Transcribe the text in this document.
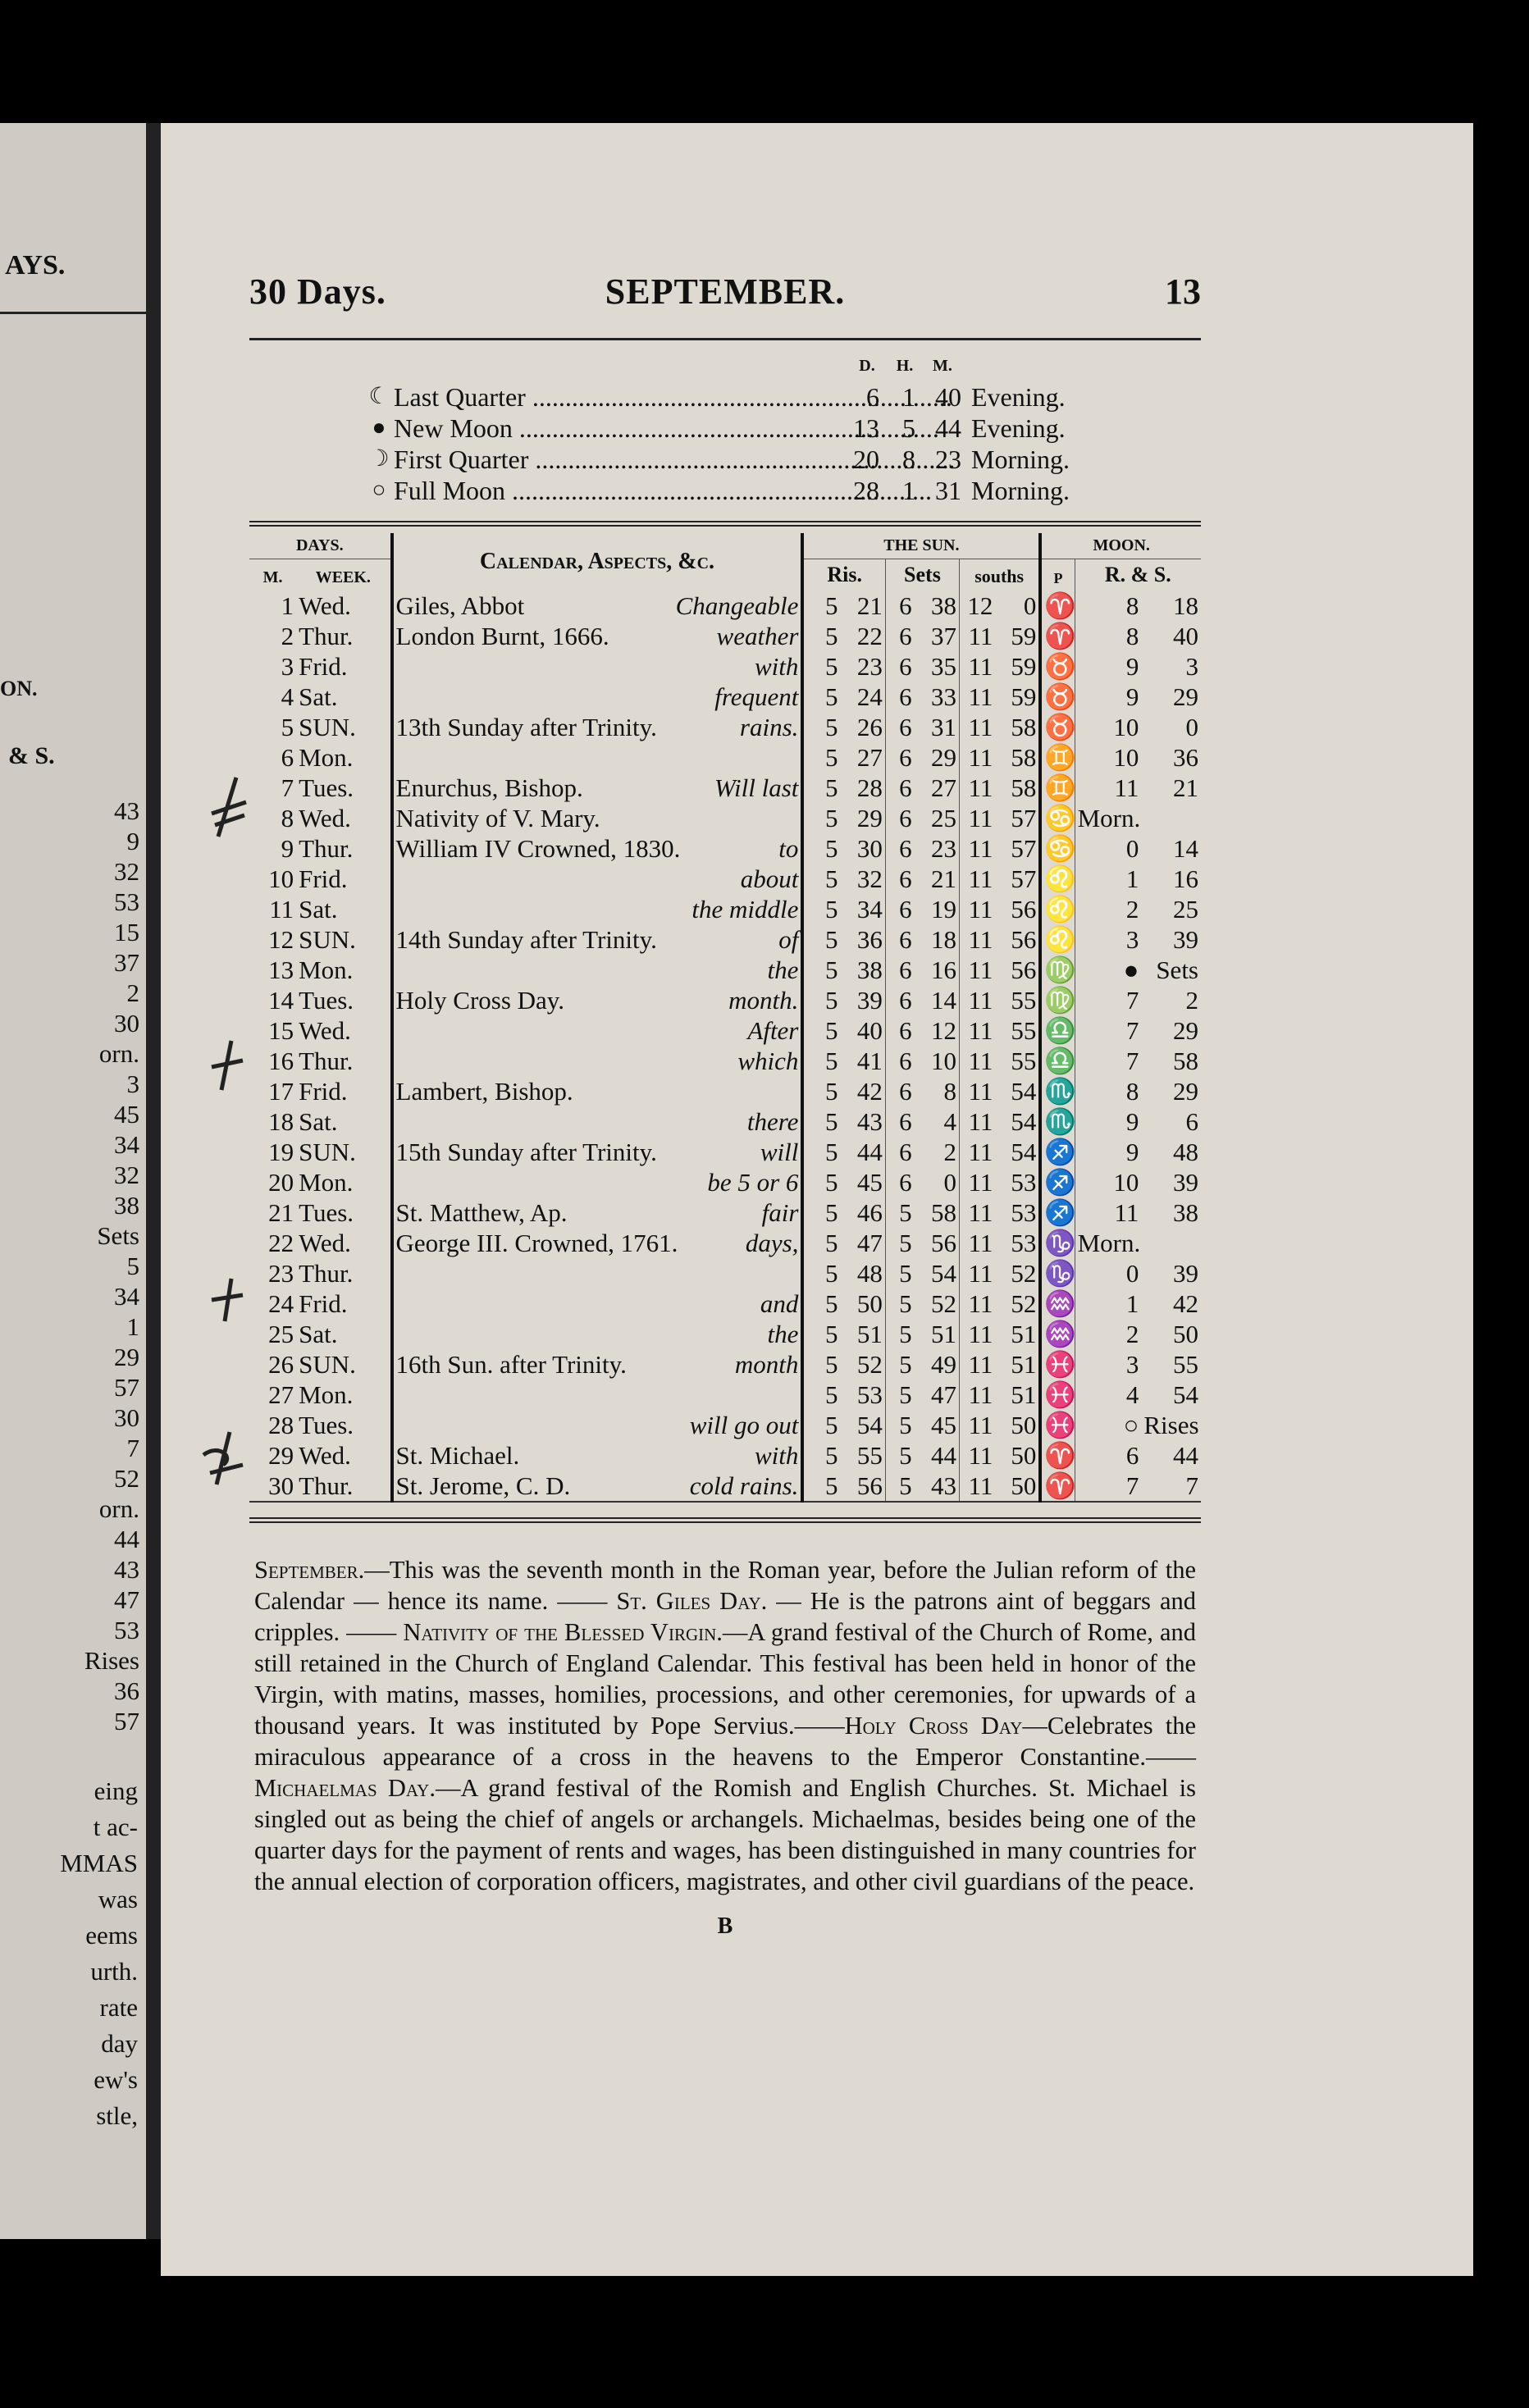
AYS.
ON.
& S.
43
9
32
53
15
37
2
30
orn.
3
45
34
32
38
Sets
5
34
1
29
57
30
7
52
orn.
44
43
47
53
Rises
36
57
eing
t ac-
MMAS
was
eems
urth.
rate
day
ew's
stle,
30 Days.	SEPTEMBER.	13
D.	H.	M.
☾ Last Quarter .....	6 1 40 Evening.
● New Moon .....	13 5 44 Evening.
☽ First Quarter .....	20 8 23 Morning.
○ Full Moon .....	28 1 31 Morning.
DAYS.		Calendar, Aspects, &c.		THE SUN.						MOON.		
M.	WEEK.			Ris.		Sets		souths		P	R. & S.	
1	Wed.	Giles, Abbot	Changeable	5	21	6	38	12	0	♈	8	18
2	Thur.	London Burnt, 1666.	weather	5	22	6	37	11	59	♈	8	40
3	Frid.		with	5	23	6	35	11	59	♉	9	3
4	Sat.		frequent	5	24	6	33	11	59	♉	9	29
5	SUN.	13th Sunday after Trinity.	rains.	5	26	6	31	11	58	♉	10	0
6	Mon.			5	27	6	29	11	58	♊	10	36
7	Tues.	Enurchus, Bishop.	Will last	5	28	6	27	11	58	♊	11	21
8	Wed.	Nativity of V. Mary.		5	29	6	25	11	57	♋	Morn.	
9	Thur.	William IV Crowned, 1830.	to	5	30	6	23	11	57	♋	0	14
10	Frid.		about	5	32	6	21	11	57	♌	1	16
11	Sat.		the middle	5	34	6	19	11	56	♌	2	25
12	SUN.	14th Sunday after Trinity.	of	5	36	6	18	11	56	♌	3	39
13	Mon.		the	5	38	6	16	11	56	♍	●	Sets
14	Tues.	Holy Cross Day.	month.	5	39	6	14	11	55	♍	7	2
15	Wed.		After	5	40	6	12	11	55	♎	7	29
16	Thur.		which	5	41	6	10	11	55	♎	7	58
17	Frid.	Lambert, Bishop.		5	42	6	8	11	54	♏	8	29
18	Sat.		there	5	43	6	4	11	54	♏	9	6
19	SUN.	15th Sunday after Trinity.	will	5	44	6	2	11	54	♐	9	48
20	Mon.		be 5 or 6	5	45	6	0	11	53	♐	10	39
21	Tues.	St. Matthew, Ap.	fair	5	46	5	58	11	53	♐	11	38
22	Wed.	George III. Crowned, 1761.	days,	5	47	5	56	11	53	♑	Morn.	
23	Thur.			5	48	5	54	11	52	♑	0	39
24	Frid.		and	5	50	5	52	11	52	♒	1	42
25	Sat.		the	5	51	5	51	11	51	♒	2	50
26	SUN.	16th Sun. after Trinity.	month	5	52	5	49	11	51	♓	3	55
27	Mon.			5	53	5	47	11	51	♓	4	54
28	Tues.		will go out	5	54	5	45	11	50	♓	○	Rises
29	Wed.	St. Michael.	with	5	55	5	44	11	50	♈	6	44
30	Thur.	St. Jerome, C. D.	cold rains.	5	56	5	43	11	50	♈	7	7
September.—This was the seventh month in the Roman year, before the Julian reform of the Calendar — hence its name. —— St. Giles Day. — He is the patrons aint of beggars and cripples. —— Nativity of the Blessed Virgin.—A grand festival of the Church of Rome, and still retained in the Church of England Calendar. This festival has been held in honor of the Virgin, with matins, masses, homilies, processions, and other ceremonies, for upwards of a thousand years. It was instituted by Pope Servius.——Holy Cross Day—Celebrates the miraculous appearance of a cross in the heavens to the Emperor Constantine.——Michaelmas Day.—A grand festival of the Romish and English Churches. St. Michael is singled out as being the chief of angels or archangels. Michaelmas, besides being one of the quarter days for the payment of rents and wages, has been distinguished in many countries for the annual election of corporation officers, magistrates, and other civil guardians of the peace.
B
